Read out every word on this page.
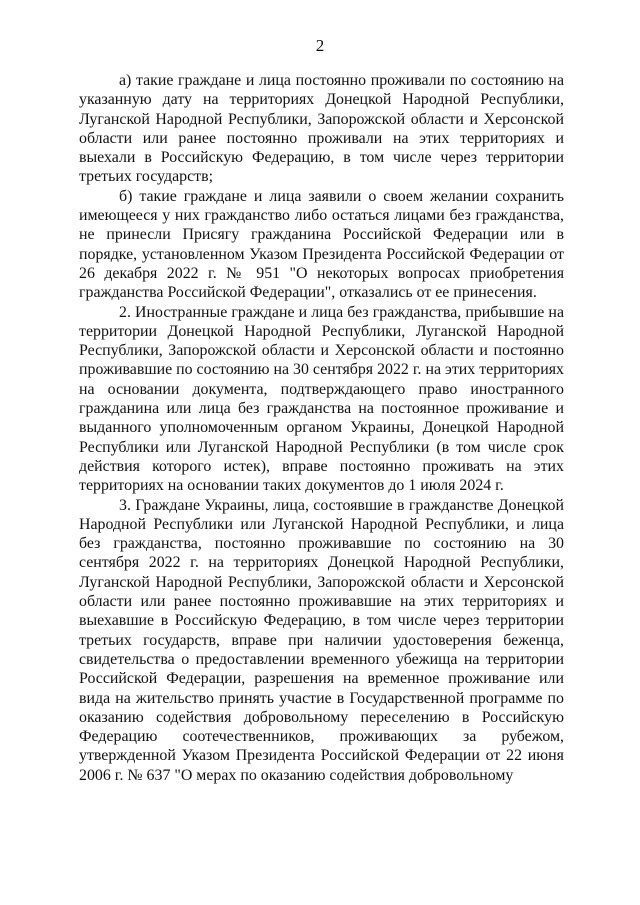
2

а) такие граждане и лица постоянно проживали по состоянию на указанную дату на территориях Донецкой Народной Республики, Луганской Народной Республики, Запорожской области и Херсонской области или ранее постоянно проживали на этих территориях и выехали в Российскую Федерацию, в том числе через территории третьих государств;

б) такие граждане и лица заявили о своем желании сохранить имеющееся у них гражданство либо остаться лицами без гражданства, не принесли Присягу гражданина Российской Федерации или в порядке, установленном Указом Президента Российской Федерации от 26 декабря 2022 г. № 951 "О некоторых вопросах приобретения гражданства Российской Федерации", отказались от ее принесения.

2. Иностранные граждане и лица без гражданства, прибывшие на территории Донецкой Народной Республики, Луганской Народной Республики, Запорожской области и Херсонской области и постоянно проживавшие по состоянию на 30 сентября 2022 г. на этих территориях на основании документа, подтверждающего право иностранного гражданина или лица без гражданства на постоянное проживание и выданного уполномоченным органом Украины, Донецкой Народной Республики или Луганской Народной Республики (в том числе срок действия которого истек), вправе постоянно проживать на этих территориях на основании таких документов до 1 июля 2024 г.

3. Граждане Украины, лица, состоявшие в гражданстве Донецкой Народной Республики или Луганской Народной Республики, и лица без гражданства, постоянно проживавшие по состоянию на 30 сентября 2022 г. на территориях Донецкой Народной Республики, Луганской Народной Республики, Запорожской области и Херсонской области или ранее постоянно проживавшие на этих территориях и выехавшие в Российскую Федерацию, в том числе через территории третьих государств, вправе при наличии удостоверения беженца, свидетельства о предоставлении временного убежища на территории Российской Федерации, разрешения на временное проживание или вида на жительство принять участие в Государственной программе по оказанию содействия добровольному переселению в Российскую Федерацию соотечественников, проживающих за рубежом, утвержденной Указом Президента Российской Федерации от 22 июня 2006 г. № 637 "О мерах по оказанию содействия добровольному
